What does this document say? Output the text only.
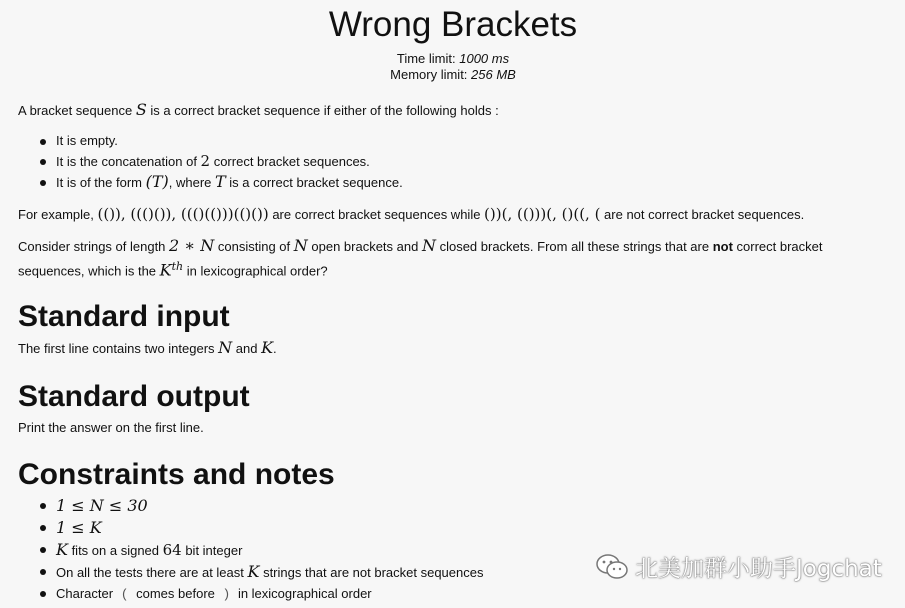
Wrong Brackets
Time limit: 1000 ms
Memory limit: 256 MB

A bracket sequence S is a correct bracket sequence if either of the following holds :

It is empty.
It is the concatenation of 2 correct bracket sequences.
It is of the form (T), where T is a correct bracket sequence.

For example, (()), ((()()), ((()(()))(()()) are correct bracket sequences while ())(, (()))(, ()((, ( are not correct bracket sequences.

Consider strings of length 2 ∗ N consisting of N open brackets and N closed brackets. From all these strings that are not correct bracket sequences, which is the $K^{th}$ in lexicographical order?

Standard input

The first line contains two integers N and K.

Standard output

Print the answer on the first line.

Constraints and notes
1 ≤ N ≤ 30
1 ≤ K
K fits on a signed 64 bit integer
On all the tests there are at least K strings that are not bracket sequences
Character ( comes before ) in lexicographical order
北美加群小助手Jogchat
